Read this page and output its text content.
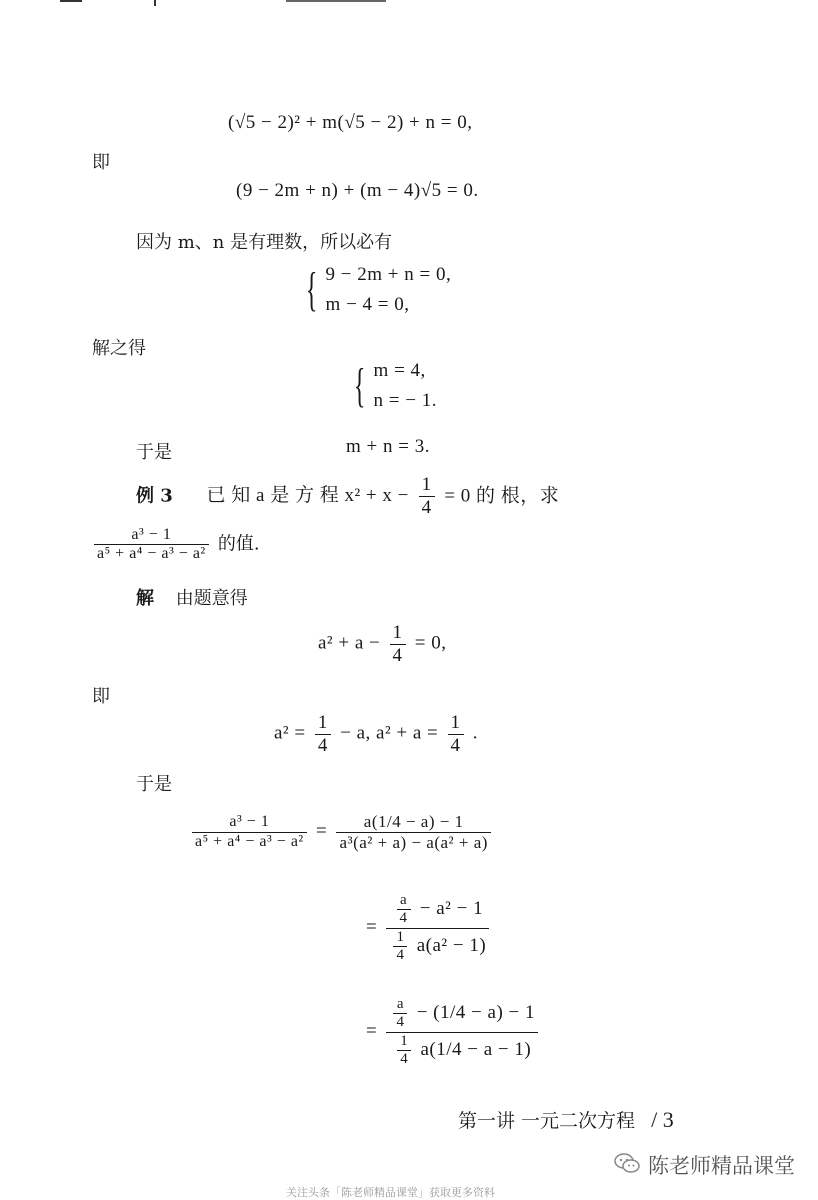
(√5 − 2)² + m(√5 − 2) + n = 0,
即
(9 − 2m + n) + (m − 4)√5 = 0.
因为 m、n 是有理数，所以必有
{ 9 − 2m + n = 0,
m − 4 = 0,
解之得
{ m = 4,
n = − 1.
于是	m + n = 3.
例 3 已 知 a 是 方 程 $x^2 + x - \frac{1}{4} = 0$ 的 根，求
$\frac{\text{a³ − 1}}{\text{a⁵ + a⁴ − a³ − a²}}$ 的值.
解 由题意得
$a^2 + a - \frac{1}{4} = 0$,
即
$a^2 = \frac{1}{4} - a$, $a^2 + a = \frac{1}{4}$ .
于是
$\frac{\text{a³ − 1}}{\text{a⁵ + a⁴ − a³ − a²}} = \frac{a(1/4 - a) - 1}{\text{a³(a² + a) − a(a² + a)}}$
= $\frac{\frac{a}{4} - a^2 - 1}{\frac{1}{4} a(a^2 - 1)}$
= $\frac{\frac{a}{4} - (1/4 - a) - 1}{\frac{1}{4} a(1/4 - a - 1)}$
第一讲 一元二次方程 / 3
陈老师精品课堂
关注头条「陈老师精品课堂」获取更多资料
